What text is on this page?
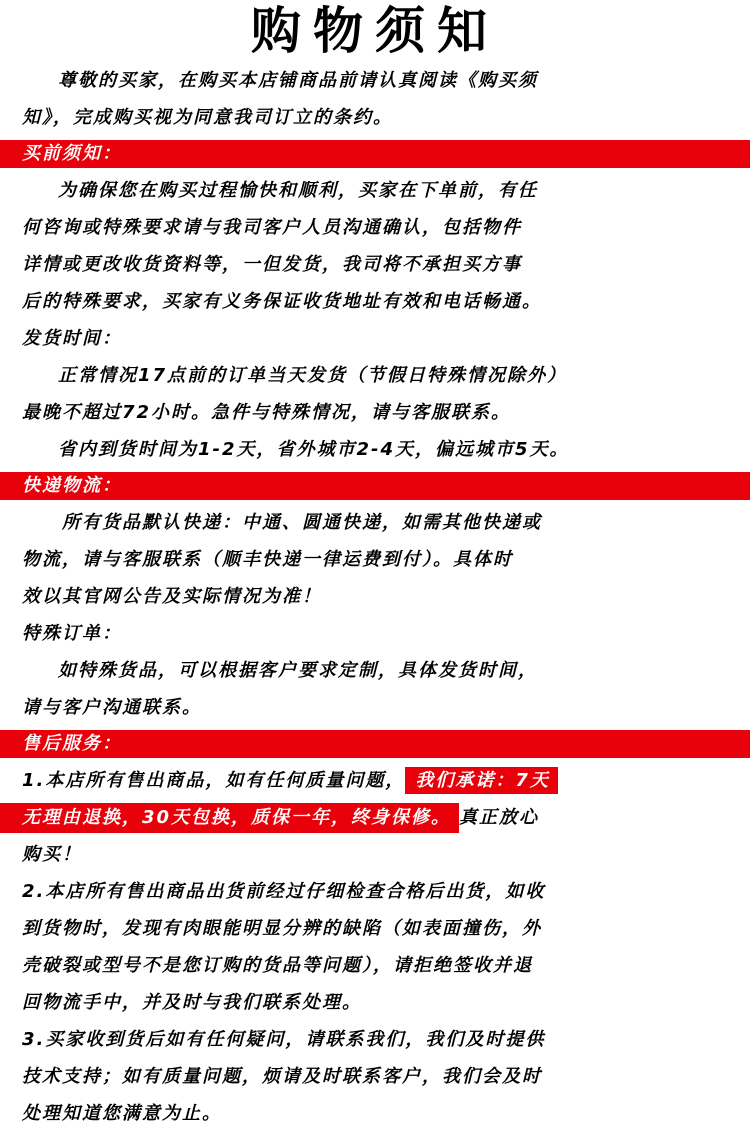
购物须知
尊敬的买家，在购买本店铺商品前请认真阅读《购买须
知》，完成购买视为同意我司订立的条约。
买前须知：
为确保您在购买过程愉快和顺利，买家在下单前，有任
何咨询或特殊要求请与我司客户人员沟通确认，包括物件
详情或更改收货资料等，一但发货，我司将不承担买方事
后的特殊要求，买家有义务保证收货地址有效和电话畅通。
发货时间：
正常情况17点前的订单当天发货（节假日特殊情况除外）
最晚不超过72小时。急件与特殊情况，请与客服联系。
省内到货时间为1-2天，省外城市2-4天，偏远城市5天。
快递物流：
所有货品默认快递：中通、圆通快递，如需其他快递或
物流，请与客服联系（顺丰快递一律运费到付）。具体时
效以其官网公告及实际情况为准！
特殊订单：
如特殊货品，可以根据客户要求定制，具体发货时间，
请与客户沟通联系。
售后服务：
1.本店所有售出商品，如有任何质量问题， 我们承诺：7天
无理由退换，30天包换，质保一年，终身保修。 真正放心
购买！
2.本店所有售出商品出货前经过仔细检查合格后出货，如收
到货物时，发现有肉眼能明显分辨的缺陷（如表面撞伤，外
壳破裂或型号不是您订购的货品等问题），请拒绝签收并退
回物流手中，并及时与我们联系处理。
3.买家收到货后如有任何疑问，请联系我们，我们及时提供
技术支持；如有质量问题，烦请及时联系客户，我们会及时
处理知道您满意为止。
